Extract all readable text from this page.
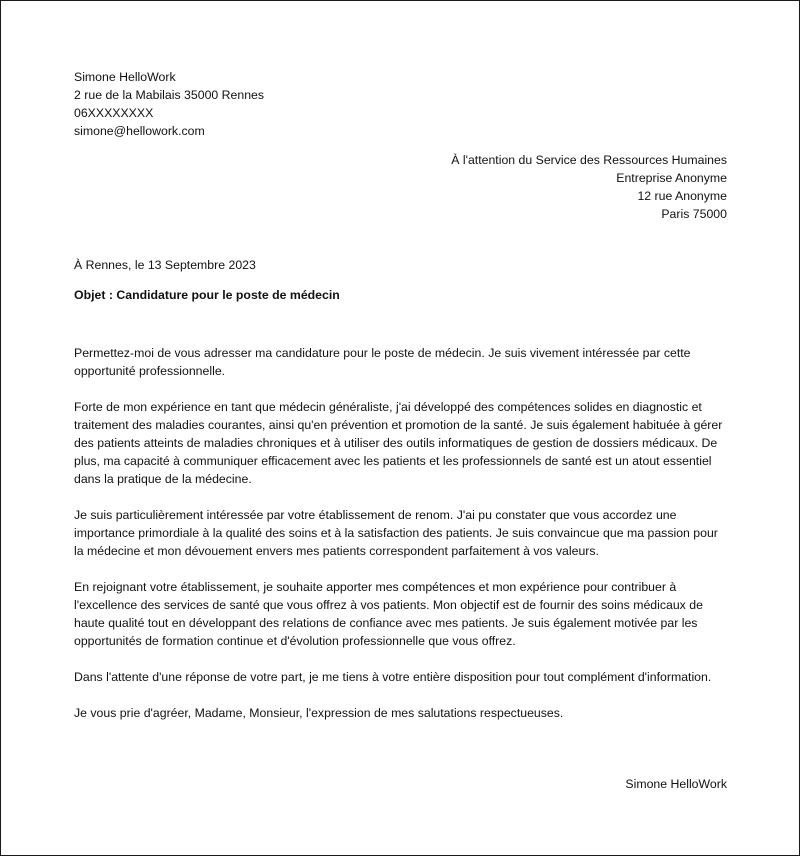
Simone HelloWork
2 rue de la Mabilais 35000 Rennes
06XXXXXXXX
simone@hellowork.com
À l'attention du Service des Ressources Humaines
Entreprise Anonyme
12 rue Anonyme
Paris 75000
À Rennes, le 13 Septembre 2023
Objet : Candidature pour le poste de médecin

Permettez-moi de vous adresser ma candidature pour le poste de médecin. Je suis vivement intéressée par cette opportunité professionnelle.

Forte de mon expérience en tant que médecin généraliste, j'ai développé des compétences solides en diagnostic et traitement des maladies courantes, ainsi qu'en prévention et promotion de la santé. Je suis également habituée à gérer des patients atteints de maladies chroniques et à utiliser des outils informatiques de gestion de dossiers médicaux. De plus, ma capacité à communiquer efficacement avec les patients et les professionnels de santé est un atout essentiel dans la pratique de la médecine.

Je suis particulièrement intéressée par votre établissement de renom. J'ai pu constater que vous accordez une importance primordiale à la qualité des soins et à la satisfaction des patients. Je suis convaincue que ma passion pour la médecine et mon dévouement envers mes patients correspondent parfaitement à vos valeurs.

En rejoignant votre établissement, je souhaite apporter mes compétences et mon expérience pour contribuer à l'excellence des services de santé que vous offrez à vos patients. Mon objectif est de fournir des soins médicaux de haute qualité tout en développant des relations de confiance avec mes patients. Je suis également motivée par les opportunités de formation continue et d'évolution professionnelle que vous offrez.

Dans l'attente d'une réponse de votre part, je me tiens à votre entière disposition pour tout complément d'information.

Je vous prie d'agréer, Madame, Monsieur, l'expression de mes salutations respectueuses.

Simone HelloWork
